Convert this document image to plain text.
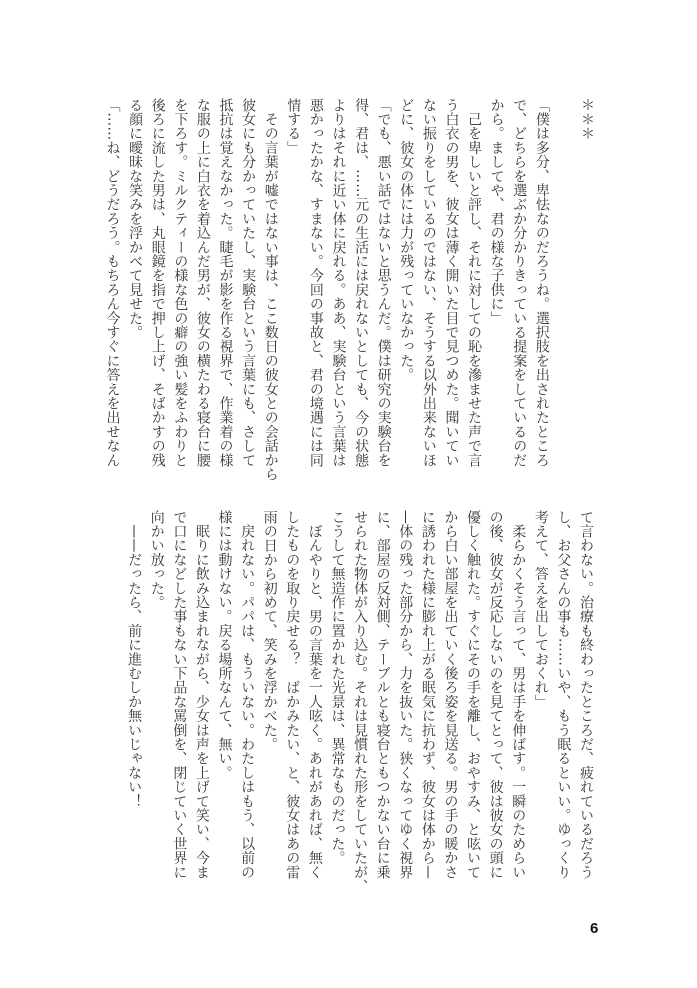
＊＊＊
「僕は多分、卑怯なのだろうね。選択肢を出されたところ
で、どちらを選ぶか分かりきっている提案をしているのだ
から。ましてや、君の様な子供に」
　己を卑しいと評し、それに対しての恥を滲ませた声で言
う白衣の男を、彼女は薄く開いた目で見つめた。聞いてい
ない振りをしているのではない、そうする以外出来ないほ
どに、彼女の体には力が残っていなかった。
「でも、悪い話ではないと思うんだ。僕は研究の実験台を
得、君は、……元の生活には戻れないとしても、今の状態
よりはそれに近い体に戻れる。ああ、実験台という言葉は
悪かったかな、すまない。今回の事故と、君の境遇には同
情する」
　その言葉が嘘ではない事は、ここ数日の彼女との会話から
彼女にも分かっていたし、実験台という言葉にも、さして
抵抗は覚えなかった。睫毛が影を作る視界で、作業着の様
な服の上に白衣を着込んだ男が、彼女の横たわる寝台に腰
を下ろす。ミルクティーの様な色の癖の強い髪をふわりと
後ろに流した男は、丸眼鏡を指で押し上げ、そばかすの残
る顔に曖昧な笑みを浮かべて見せた。
「……ね、どうだろう。もちろん今すぐに答えを出せなん
て言わない。治療も終わったところだ、疲れているだろう
し、お父さんの事も……いや、もう眠るといい。ゆっくり
考えて、答えを出しておくれ」
　柔らかくそう言って、男は手を伸ばす。一瞬のためらい
の後、彼女が反応しないのを見てとって、彼は彼女の頭に
優しく触れた。すぐにその手を離し、おやすみ、と呟いて
から白い部屋を出ていく後ろ姿を見送る。男の手の暖かさ
に誘われた様に膨れ上がる眠気に抗わず、彼女は体から—
—体の残った部分から、力を抜いた。狭くなってゆく視界
に、部屋の反対側、テーブルとも寝台ともつかない台に乗
せられた物体が入り込む。それは見慣れた形をしていたが、
こうして無造作に置かれた光景は、異常なものだった。
　ぼんやりと、男の言葉を一人呟く。あれがあれば、無く
したものを取り戻せる？　ばかみたい、と、彼女はあの雷
雨の日から初めて、笑みを浮かべた。
　戻れない。パパは、もういない。わたしはもう、以前の
様には動けない。戻る場所なんて、無い。
　眠りに飲み込まれながら、少女は声を上げて笑い、今ま
で口になどした事もない下品な罵倒を、閉じていく世界に
向かい放った。
　——だったら、前に進むしか無いじゃない！
6
